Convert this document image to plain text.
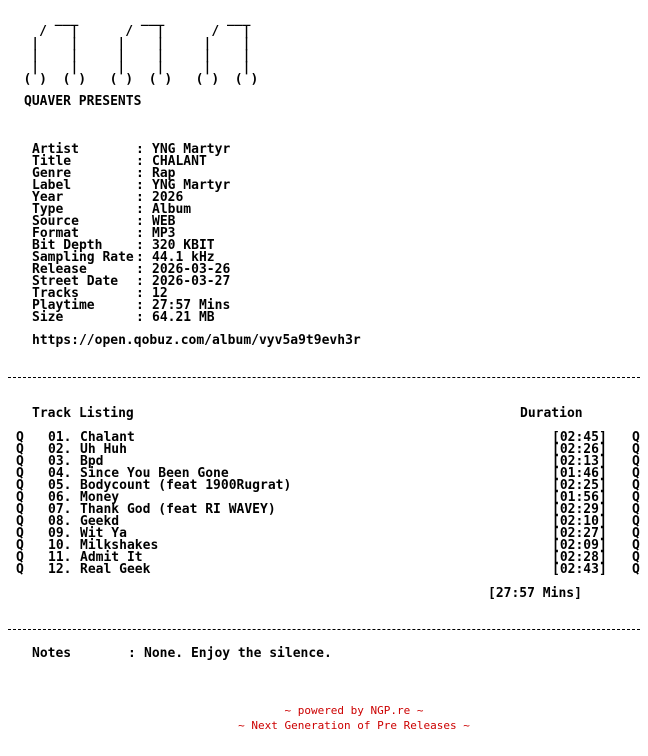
___        ___        ___
/   |      /   |      /   |
|    |     |    |     |    |
|    |     |    |     |    |
|    |     |    |     |    |
( )  ( )   ( )  ( )   ( )  ( )
QUAVER PRESENTS
Artist	: YNG Martyr
Title	: CHALANT
Genre	: Rap
Label	: YNG Martyr
Year	: 2026
Type	: Album
Source	: WEB
Format	: MP3
Bit Depth	: 320 KBIT
Sampling Rate : 44.1 kHz
Release	: 2026-03-26
Street Date : 2026-03-27
Tracks	: 12
Playtime	: 27:57 Mins
Size	: 64.21 MB
https://open.qobuz.com/album/vyv5a9t9evh3r
Track Listing	Duration
Q 01. Chalant	[02:45] Q
Q 02. Uh Huh	[02:26] Q
Q 03. Bpd	[02:13] Q
Q 04. Since You Been Gone	[01:46] Q
Q 05. Bodycount (feat 1900Rugrat)	[02:25] Q
Q 06. Money	[01:56] Q
Q 07. Thank God (feat RI WAVEY)	[02:29] Q
Q 08. Geekd	[02:10] Q
Q 09. Wit Ya	[02:27] Q
Q 10. Milkshakes	[02:09] Q
Q 11. Admit It	[02:28] Q
Q 12. Real Geek	[02:43] Q
[27:57 Mins]
Notes	: None. Enjoy the silence.
~ powered by NGP.re ~
~ Next Generation of Pre Releases ~
